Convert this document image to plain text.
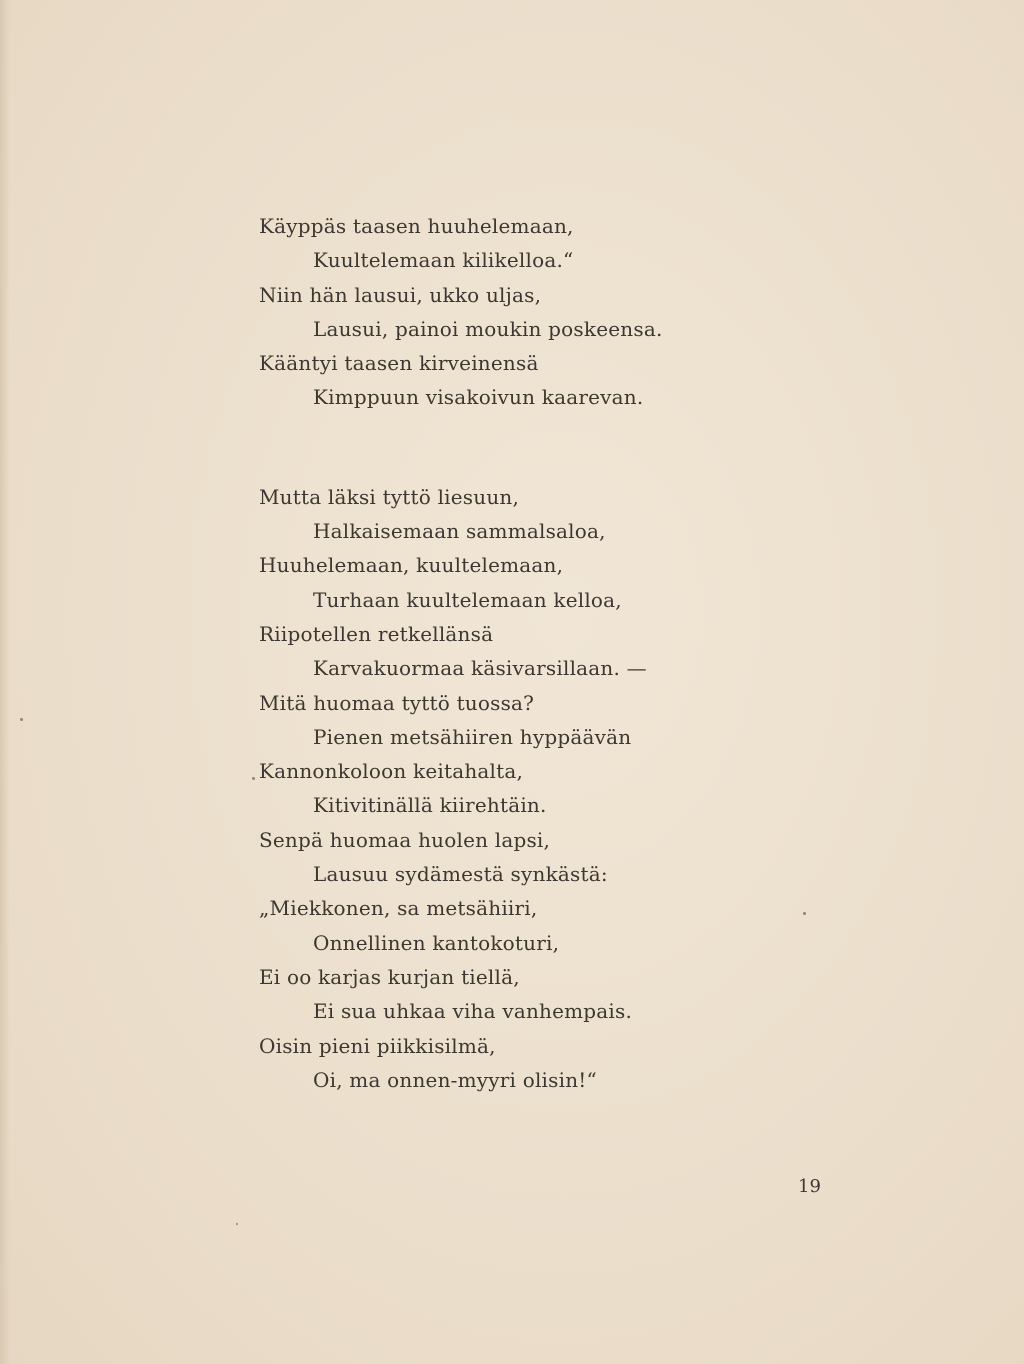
Käyppäs taasen huuhelemaan,
Kuultelemaan kilikelloa.“
Niin hän lausui, ukko uljas,
Lausui, painoi moukin poskeensa.
Kääntyi taasen kirveinensä
Kimppuun visakoivun kaarevan.
Mutta läksi tyttö liesuun,
Halkaisemaan sammalsaloa,
Huuhelemaan, kuultelemaan,
Turhaan kuultelemaan kelloa,
Riipotellen retkellänsä
Karvakuormaa käsivarsillaan. —
Mitä huomaa tyttö tuossa?
Pienen metsähiiren hyppäävän
Kannonkoloon keitahalta,
Kitivitinällä kiirehtäin.
Senpä huomaa huolen lapsi,
Lausuu sydämestä synkästä:
„Miekkonen, sa metsähiiri,
Onnellinen kantokoturi,
Ei oo karjas kurjan tiellä,
Ei sua uhkaa viha vanhempais.
Oisin pieni piikkisilmä,
Oi, ma onnen-myyri olisin!“
19
